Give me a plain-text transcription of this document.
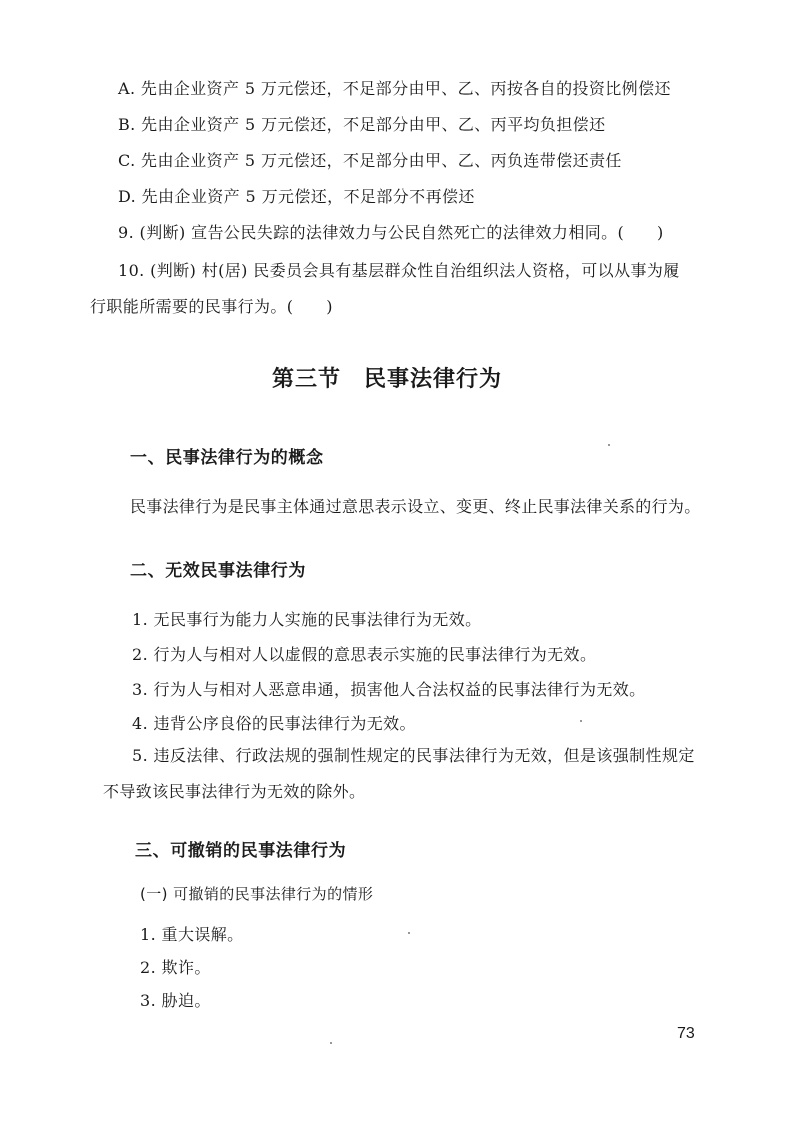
A. 先由企业资产 5 万元偿还，不足部分由甲、乙、丙按各自的投资比例偿还
B. 先由企业资产 5 万元偿还，不足部分由甲、乙、丙平均负担偿还
C. 先由企业资产 5 万元偿还，不足部分由甲、乙、丙负连带偿还责任
D. 先由企业资产 5 万元偿还，不足部分不再偿还
9. (判断) 宣告公民失踪的法律效力与公民自然死亡的法律效力相同。(　　)
10. (判断) 村(居) 民委员会具有基层群众性自治组织法人资格，可以从事为履
行职能所需要的民事行为。(　　)
第三节　民事法律行为
一、民事法律行为的概念
民事法律行为是民事主体通过意思表示设立、变更、终止民事法律关系的行为。
二、无效民事法律行为
1. 无民事行为能力人实施的民事法律行为无效。
2. 行为人与相对人以虚假的意思表示实施的民事法律行为无效。
3. 行为人与相对人恶意串通，损害他人合法权益的民事法律行为无效。
4. 违背公序良俗的民事法律行为无效。
5. 违反法律、行政法规的强制性规定的民事法律行为无效，但是该强制性规定
不导致该民事法律行为无效的除外。
三、可撤销的民事法律行为
(一) 可撤销的民事法律行为的情形
1. 重大误解。
2. 欺诈。
3. 胁迫。
73
